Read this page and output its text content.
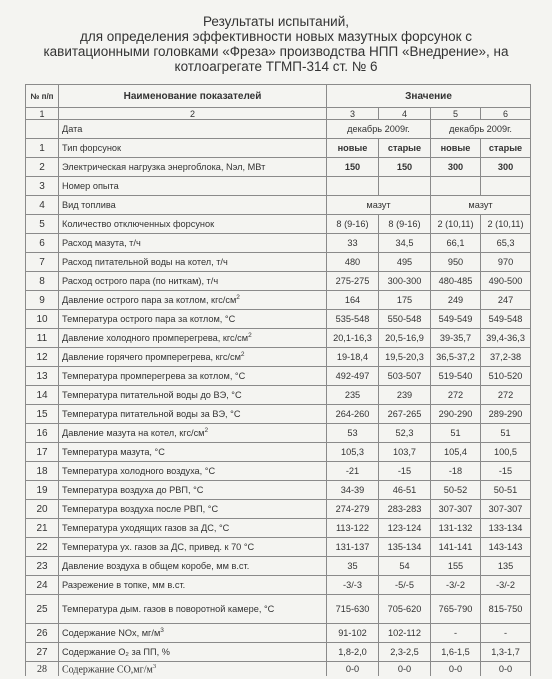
Результаты испытаний,
для определения эффективности новых мазутных форсунок с
кавитационными головками «Фреза» производства НПП «Внедрение», на
котлоагрегате ТГМП-314 ст. № 6
№ п/п	Наименование показателей	Значение			
1	2	3	4	5	6
	Дата	декабрь 2009г.		декабрь 2009г.	
1	Тип форсунок	новые	старые	новые	старые
2	Электрическая нагрузка энергоблока, Nэл, МВт	150	150	300	300
3	Номер опыта				
4	Вид топлива	мазут		мазут	
5	Количество отключенных форсунок	8 (9-16)	8 (9-16)	2 (10,11)	2 (10,11)
6	Расход мазута, т/ч	33	34,5	66,1	65,3
7	Расход питательной воды на котел, т/ч	480	495	950	970
8	Расход острого пара (по ниткам), т/ч	275-275	300-300	480-485	490-500
9	Давление острого пара за котлом, кгс/$см^2$	164	175	249	247
10	Температура острого пара за котлом, °С	535-548	550-548	549-549	549-548
11	Давление холодного промперегрева, кгс/$см^2$	20,1-16,3	20,5-16,9	39-35,7	39,4-36,3
12	Давление горячего промперегрева, кгс/$см^2$	19-18,4	19,5-20,3	36,5-37,2	37,2-38
13	Температура промперегрева за котлом, °С	492-497	503-507	519-540	510-520
14	Температура питательной воды до ВЭ, °С	235	239	272	272
15	Температура питательной воды за ВЭ, °С	264-260	267-265	290-290	289-290
16	Давление мазута на котел, кгс/$см^2$	53	52,3	51	51
17	Температура мазута, °С	105,3	103,7	105,4	100,5
18	Температура холодного воздуха, °С	-21	-15	-18	-15
19	Температура воздуха до РВП, °С	34-39	46-51	50-52	50-51
20	Температура воздуха после РВП, °С	274-279	283-283	307-307	307-307
21	Температура уходящих газов за ДС, °С	113-122	123-124	131-132	133-134
22	Температура ух. газов за ДС, привед. к 70 °С	131-137	135-134	141-141	143-143
23	Давление воздуха в общем коробе, мм в.ст.	35	54	155	135
24	Разрежение в топке, мм в.ст.	-3/-3	-5/-5	-3/-2	-3/-2
25	Температура дым. газов в поворотной камере, °С	715-630	705-620	765-790	815-750
26	Содержание NOx, $мг/м^3$	91-102	102-112	-	-
27	Содержание O₂ за ПП, %	1,8-2,0	2,3-2,5	1,6-1,5	1,3-1,7
28	Содержание $СО,мг/м^3$	0-0	0-0	0-0	0-0
